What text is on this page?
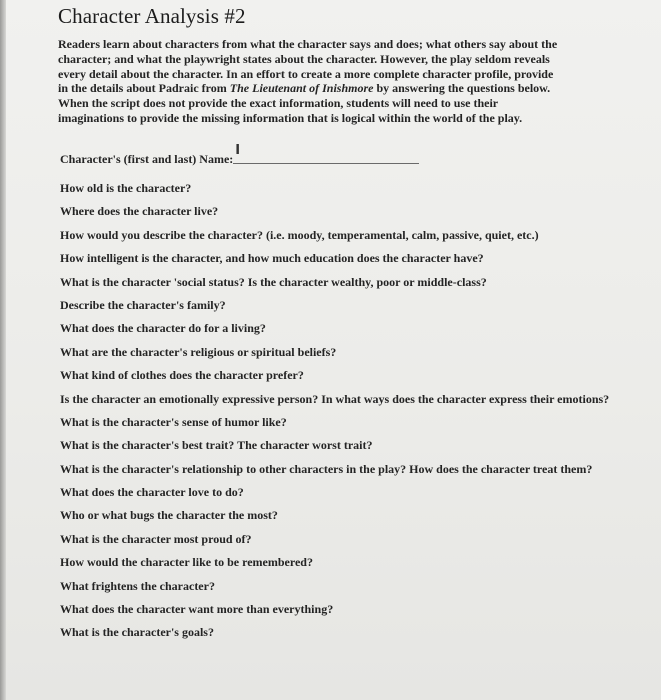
Character Analysis #2

Readers learn about characters from what the character says and does; what others say about the
character; and what the playwright states about the character. However, the play seldom reveals
every detail about the character. In an effort to create a more complete character profile, provide
in the details about Padraic from The Lieutenant of Inishmore by answering the questions below.
When the script does not provide the exact information, students will need to use their
imaginations to provide the missing information that is logical within the world of the play.

Character's (first and last) Name:
I
How old is the character?
Where does the character live?
How would you describe the character? (i.e. moody, temperamental, calm, passive, quiet, etc.)
How intelligent is the character, and how much education does the character have?
What is the character 'social status? Is the character wealthy, poor or middle-class?
Describe the character's family?
What does the character do for a living?
What are the character's religious or spiritual beliefs?
What kind of clothes does the character prefer?
Is the character an emotionally expressive person? In what ways does the character express their emotions?
What is the character's sense of humor like?
What is the character's best trait? The character worst trait?
What is the character's relationship to other characters in the play? How does the character treat them?
What does the character love to do?
Who or what bugs the character the most?
What is the character most proud of?
How would the character like to be remembered?
What frightens the character?
What does the character want more than everything?
What is the character's goals?
